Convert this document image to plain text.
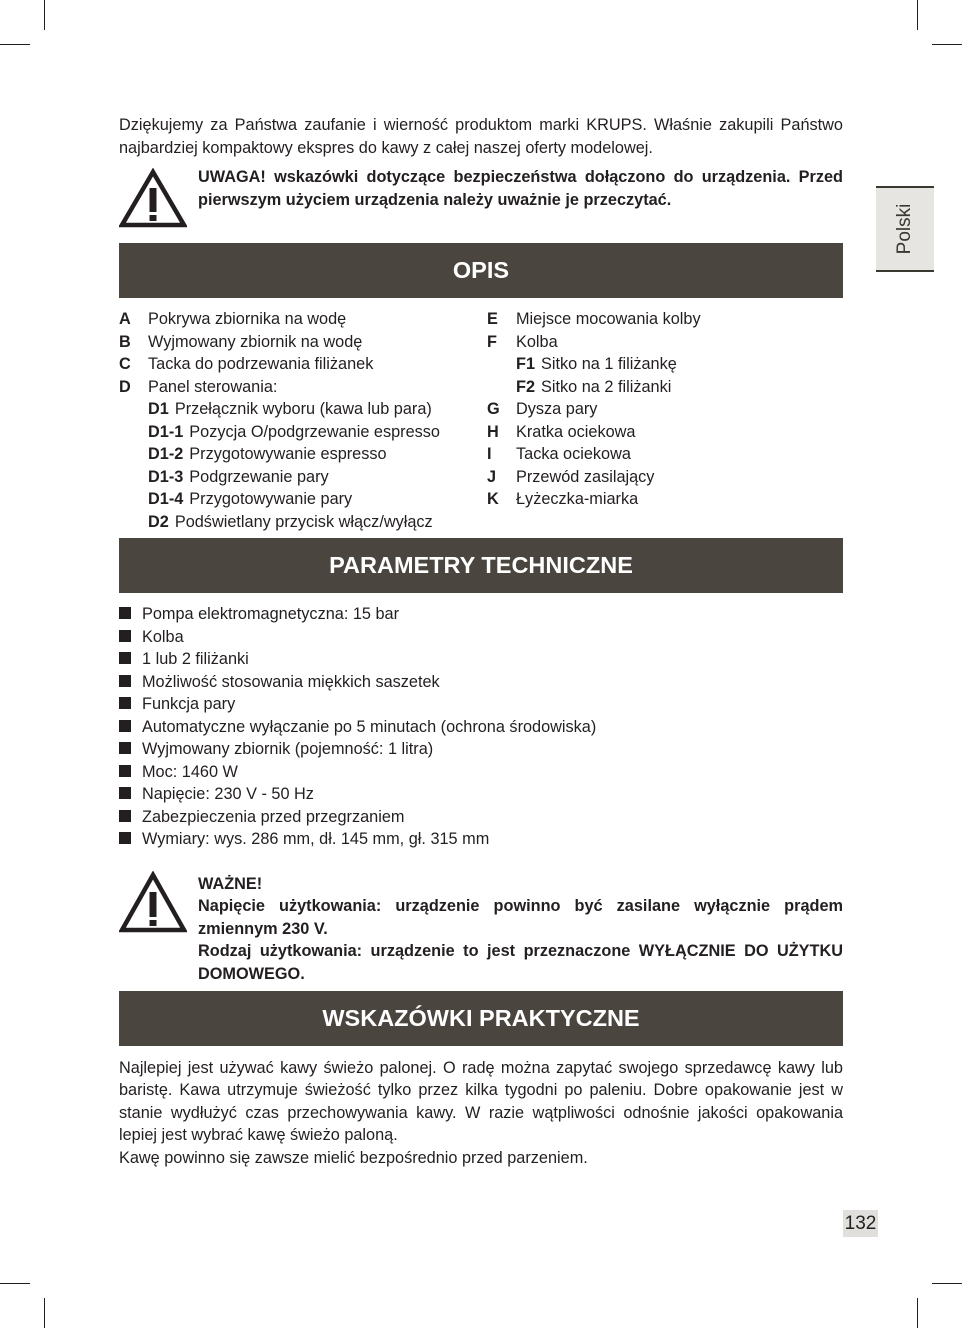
Polski
132

Dziękujemy za Państwa zaufanie i wierność produktom marki KRUPS. Właśnie zakupili Państwo najbardziej kompaktowy ekspres do kawy z całej naszej oferty modelowej.

UWAGA! wskazówki dotyczące bezpieczeństwa dołączono do urządzenia. Przed pierwszym użyciem urządzenia należy uważnie je przeczytać.

OPIS
A	Pokrywa zbiornika na wodę
B	Wyjmowany zbiornik na wodę
C	Tacka do podrzewania filiżanek
D	Panel sterowania:
D1 Przełącznik wyboru (kawa lub para)
D1-1 Pozycja O/podgrzewanie espresso
D1-2 Przygotowywanie espresso
D1-3 Podgrzewanie pary
D1-4 Przygotowywanie pary
D2 Podświetlany przycisk włącz/wyłącz
E	Miejsce mocowania kolby
F	Kolba
F1 Sitko na 1 filiżankę
F2 Sitko na 2 filiżanki
G	Dysza pary
H	Kratka ociekowa
I	Tacka ociekowa
J	Przewód zasilający
K	Łyżeczka-miarka
PARAMETRY TECHNICZNE
Pompa elektromagnetyczna: 15 bar
Kolba
1 lub 2 filiżanki
Możliwość stosowania miękkich saszetek
Funkcja pary
Automatyczne wyłączanie po 5 minutach (ochrona środowiska)
Wyjmowany zbiornik (pojemność: 1 litra)
Moc: 1460 W
Napięcie: 230 V - 50 Hz
Zabezpieczenia przed przegrzaniem
Wymiary: wys. 286 mm, dł. 145 mm, gł. 315 mm

WAŻNE!

Napięcie użytkowania: urządzenie powinno być zasilane wyłącznie prądem zmiennym 230 V.

Rodzaj użytkowania: urządzenie to jest przeznaczone WYŁĄCZNIE DO UŻYTKU DOMOWEGO.

WSKAZÓWKI PRAKTYCZNE

Najlepiej jest używać kawy świeżo palonej. O radę można zapytać swojego sprzedawcę kawy lub baristę. Kawa utrzymuje świeżość tylko przez kilka tygodni po paleniu. Dobre opakowanie jest w stanie wydłużyć czas przechowywania kawy. W razie wątpliwości odnośnie jakości opakowania lepiej jest wybrać kawę świeżo paloną.

Kawę powinno się zawsze mielić bezpośrednio przed parzeniem.
